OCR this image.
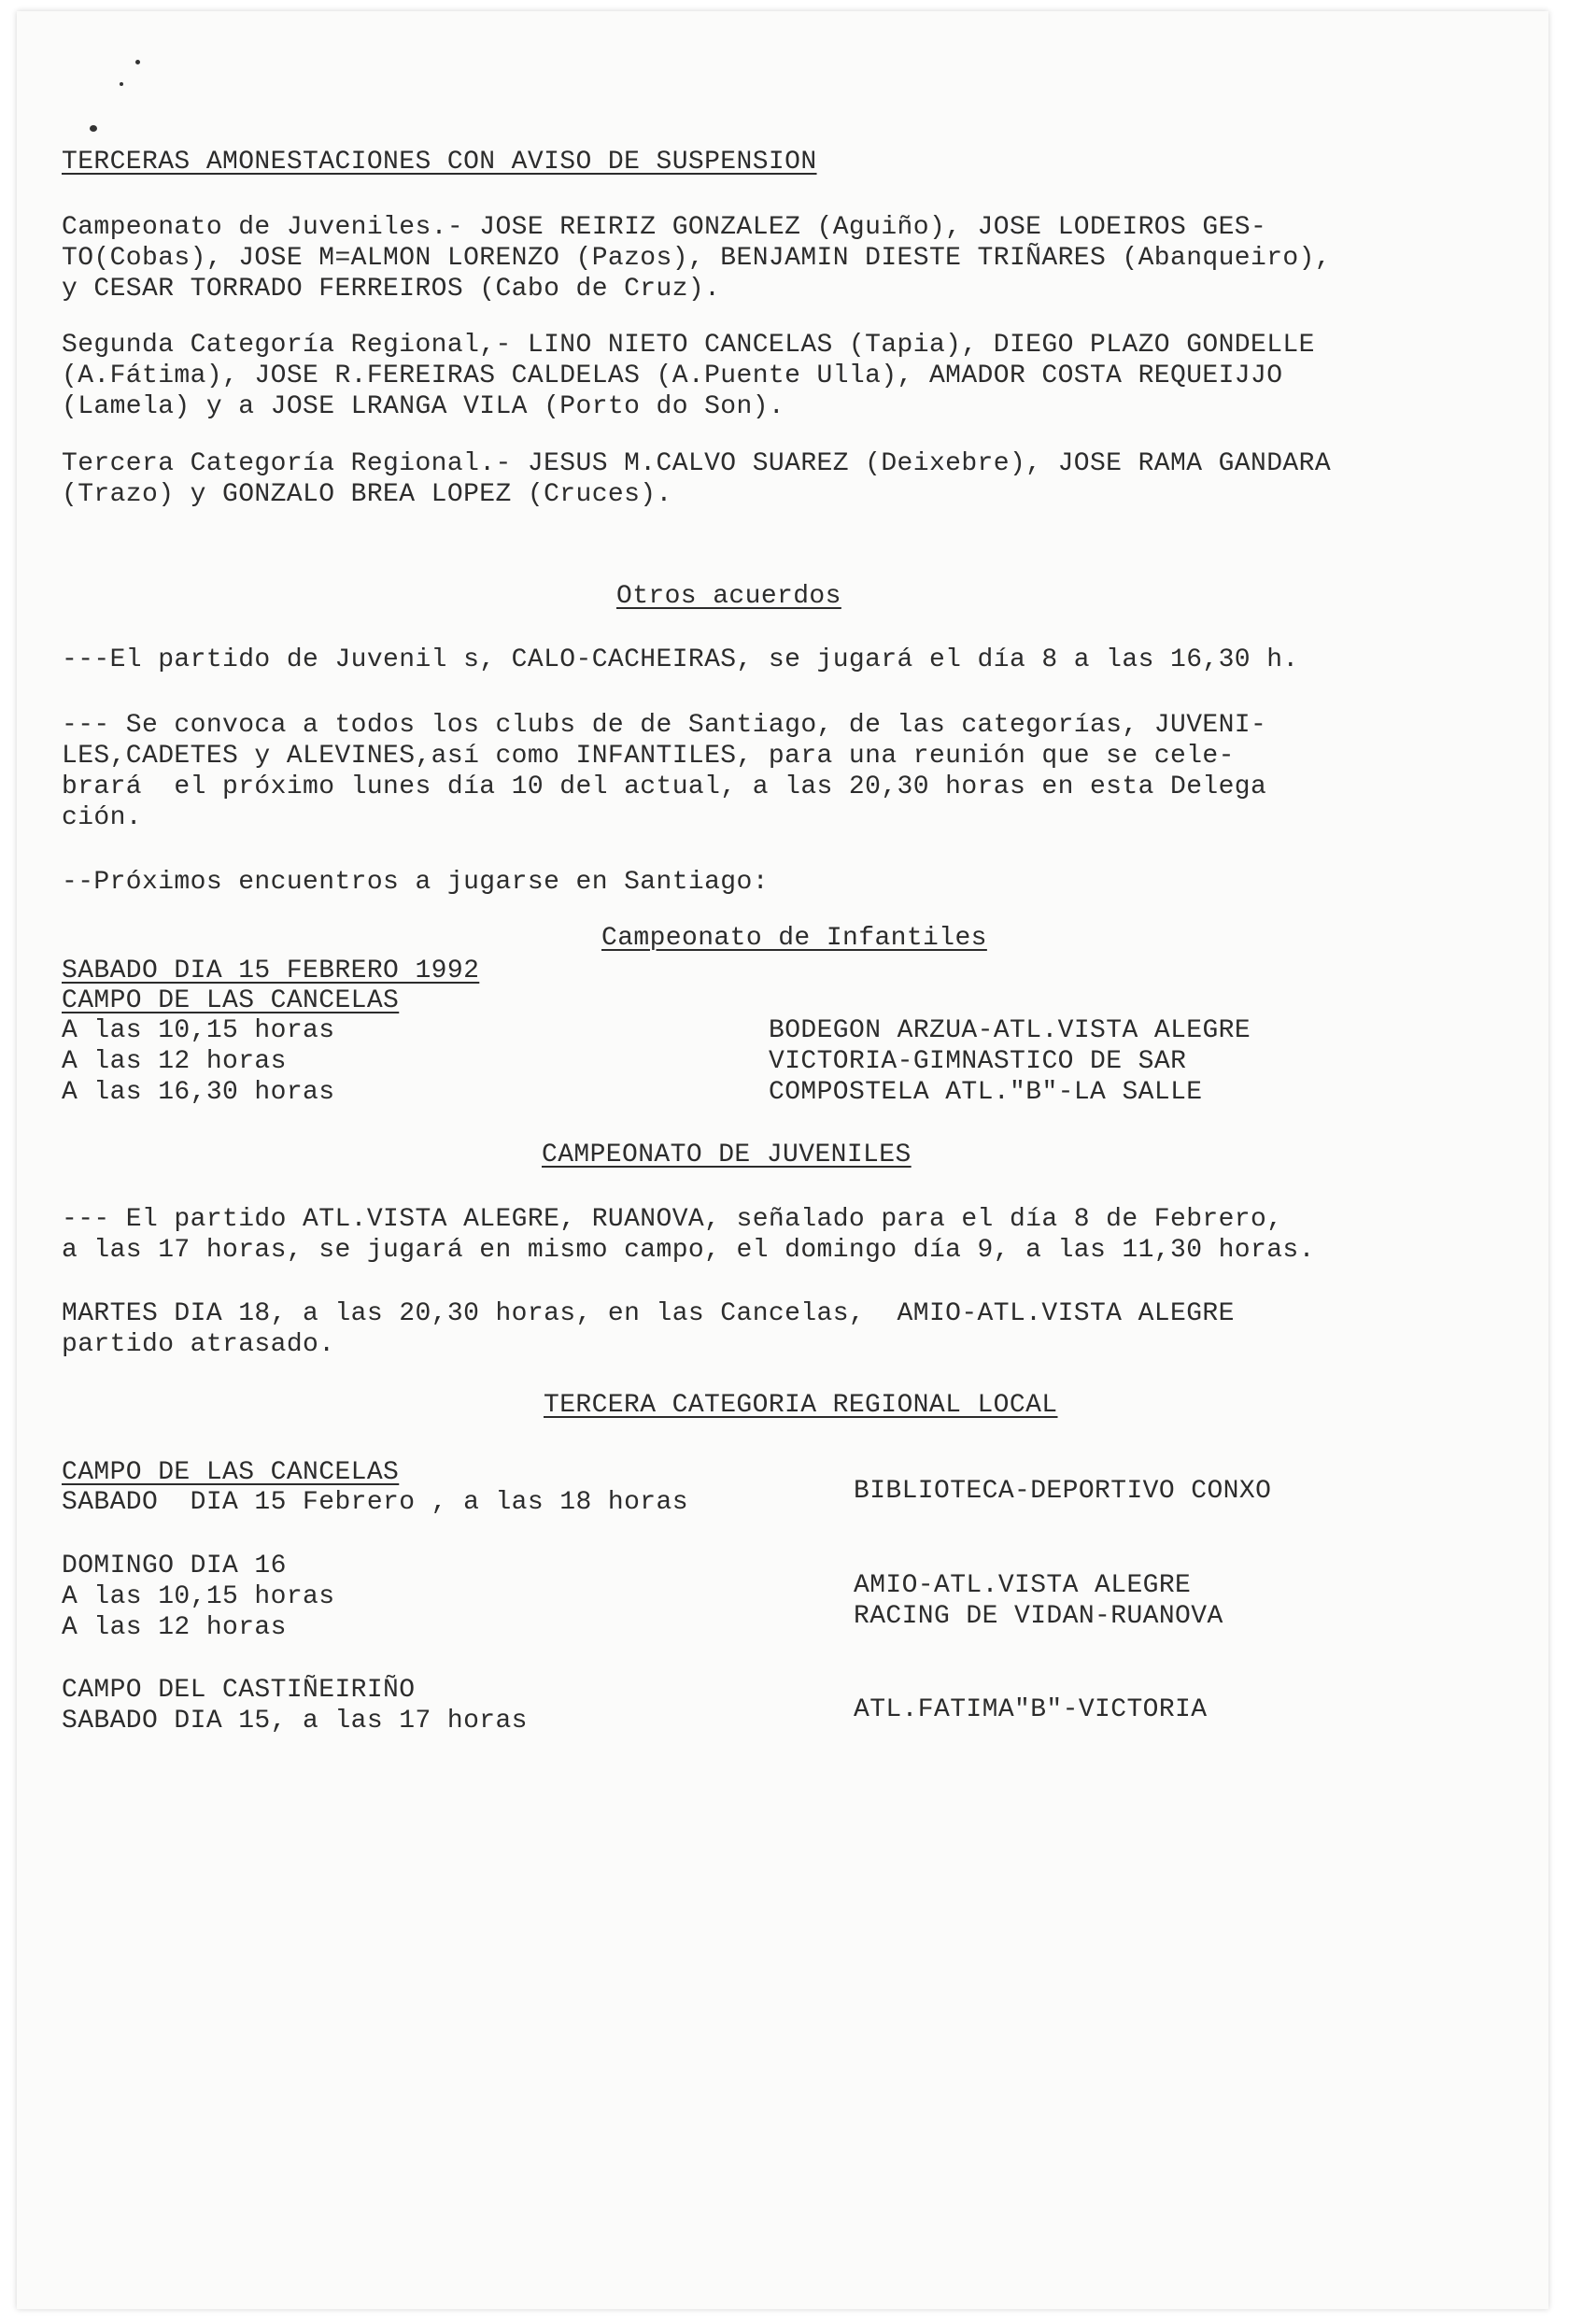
TERCERAS AMONESTACIONES CON AVISO DE SUSPENSION
Campeonato de Juveniles.- JOSE REIRIZ GONZALEZ (Aguiño), JOSE LODEIROS GES-
TO(Cobas), JOSE M=ALMON LORENZO (Pazos), BENJAMIN DIESTE TRIÑARES (Abanqueiro),
y CESAR TORRADO FERREIROS (Cabo de Cruz).
Segunda Categoría Regional,- LINO NIETO CANCELAS (Tapia), DIEGO PLAZO GONDELLE
(A.Fátima), JOSE R.FEREIRAS CALDELAS (A.Puente Ulla), AMADOR COSTA REQUEIJJO
(Lamela) y a JOSE LRANGA VILA (Porto do Son).
Tercera Categoría Regional.- JESUS M.CALVO SUAREZ (Deixebre), JOSE RAMA GANDARA
(Trazo) y GONZALO BREA LOPEZ (Cruces).
Otros acuerdos
---El partido de Juvenil s, CALO-CACHEIRAS, se jugará el día 8 a las 16,30 h.
--- Se convoca a todos los clubs de de Santiago, de las categorías, JUVENI-
LES,CADETES y ALEVINES,así como INFANTILES, para una reunión que se cele-
brará  el próximo lunes día 10 del actual, a las 20,30 horas en esta Delega
ción.
--Próximos encuentros a jugarse en Santiago:
Campeonato de Infantiles
SABADO DIA 15 FEBRERO 1992
CAMPO DE LAS CANCELAS
A las 10,15 horas
A las 12 horas
A las 16,30 horas
BODEGON ARZUA-ATL.VISTA ALEGRE
VICTORIA-GIMNASTICO DE SAR
COMPOSTELA ATL."B"-LA SALLE
CAMPEONATO DE JUVENILES
--- El partido ATL.VISTA ALEGRE, RUANOVA, señalado para el día 8 de Febrero,
a las 17 horas, se jugará en mismo campo, el domingo día 9, a las 11,30 horas.
MARTES DIA 18, a las 20,30 horas, en las Cancelas,  AMIO-ATL.VISTA ALEGRE
partido atrasado.
TERCERA CATEGORIA REGIONAL LOCAL
CAMPO DE LAS CANCELAS
SABADO  DIA 15 Febrero , a las 18 horas	BIBLIOTECA-DEPORTIVO CONXO
DOMINGO DIA 16
A las 10,15 horas
A las 12 horas
AMIO-ATL.VISTA ALEGRE
RACING DE VIDAN-RUANOVA
CAMPO DEL CASTIÑEIRIÑO
SABADO DIA 15, a las 17 horas	ATL.FATIMA"B"-VICTORIA
